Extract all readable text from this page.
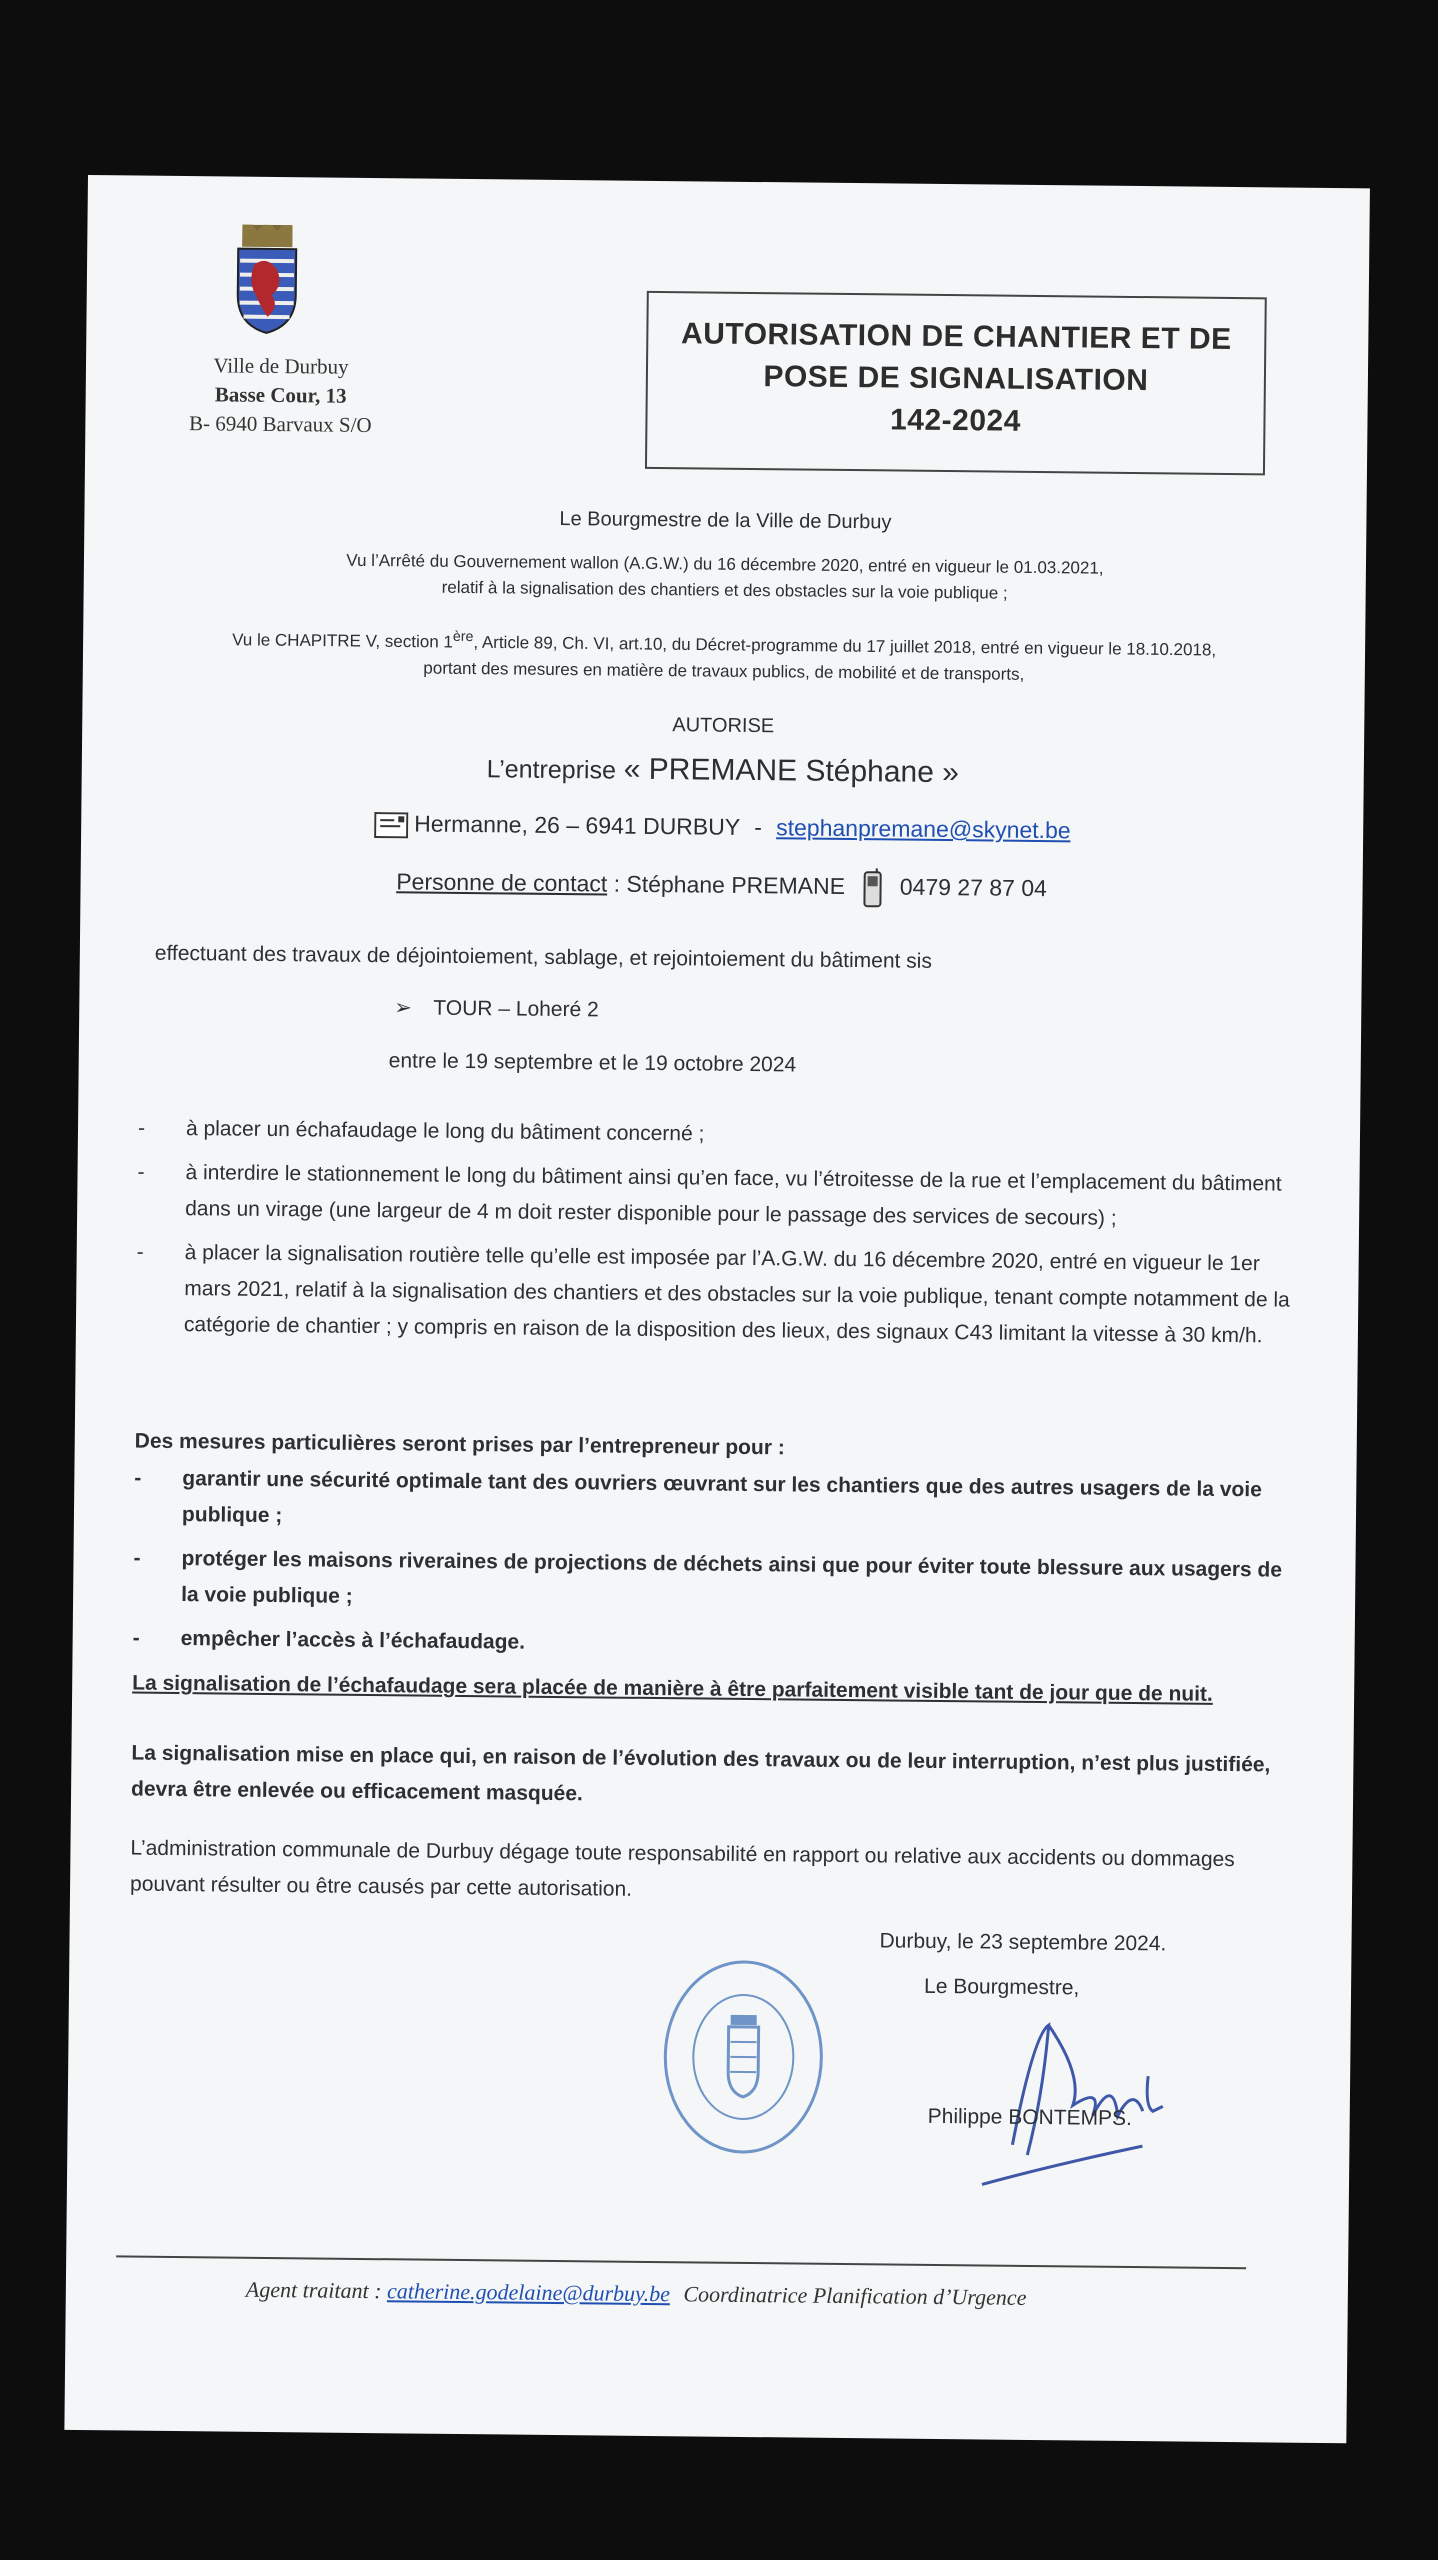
Ville de Durbuy
Basse Cour, 13
B- 6940 Barvaux S/O
AUTORISATION DE CHANTIER ET DE
POSE DE SIGNALISATION
142-2024
Le Bourgmestre de la Ville de Durbuy
Vu l’Arrêté du Gouvernement wallon (A.G.W.) du 16 décembre 2020, entré en vigueur le 01.03.2021,
relatif à la signalisation des chantiers et des obstacles sur la voie publique ;
Vu le CHAPITRE V, section 1ère, Article 89, Ch. VI, art.10, du Décret-programme du 17 juillet 2018, entré en vigueur le 18.10.2018,
portant des mesures en matière de travaux publics, de mobilité et de transports,
AUTORISE
L’entreprise « PREMANE Stéphane »
Hermanne, 26 – 6941 DURBUY - stephanpremane@skynet.be
Personne de contact : Stéphane PREMANE 0479 27 87 04
effectuant des travaux de déjointoiement, sablage, et rejointoiement du bâtiment sis
➢ TOUR – Loheré 2
entre le 19 septembre et le 19 octobre 2024
-	à placer un échafaudage le long du bâtiment concerné ;
-	à interdire le stationnement le long du bâtiment ainsi qu’en face, vu l’étroitesse de la rue et l’emplacement du bâtiment dans un virage (une largeur de 4 m doit rester disponible pour le passage des services de secours) ;
-	à placer la signalisation routière telle qu’elle est imposée par l’A.G.W. du 16 décembre 2020, entré en vigueur le 1er mars 2021, relatif à la signalisation des chantiers et des obstacles sur la voie publique, tenant compte notamment de la catégorie de chantier ; y compris en raison de la disposition des lieux, des signaux C43 limitant la vitesse à 30 km/h.
Des mesures particulières seront prises par l’entrepreneur pour :
-	garantir une sécurité optimale tant des ouvriers œuvrant sur les chantiers que des autres usagers de la voie publique ;
-	protéger les maisons riveraines de projections de déchets ainsi que pour éviter toute blessure aux usagers de la voie publique ;
-	empêcher l’accès à l’échafaudage.
La signalisation de l’échafaudage sera placée de manière à être parfaitement visible tant de jour que de nuit.
La signalisation mise en place qui, en raison de l’évolution des travaux ou de leur interruption, n’est plus justifiée, devra être enlevée ou efficacement masquée.
L’administration communale de Durbuy dégage toute responsabilité en rapport ou relative aux accidents ou dommages pouvant résulter ou être causés par cette autorisation.
Durbuy, le 23 septembre 2024.
Le Bourgmestre,
Philippe BONTEMPS.
Agent traitant : catherine.godelaine@durbuy.be Coordinatrice Planification d’Urgence
